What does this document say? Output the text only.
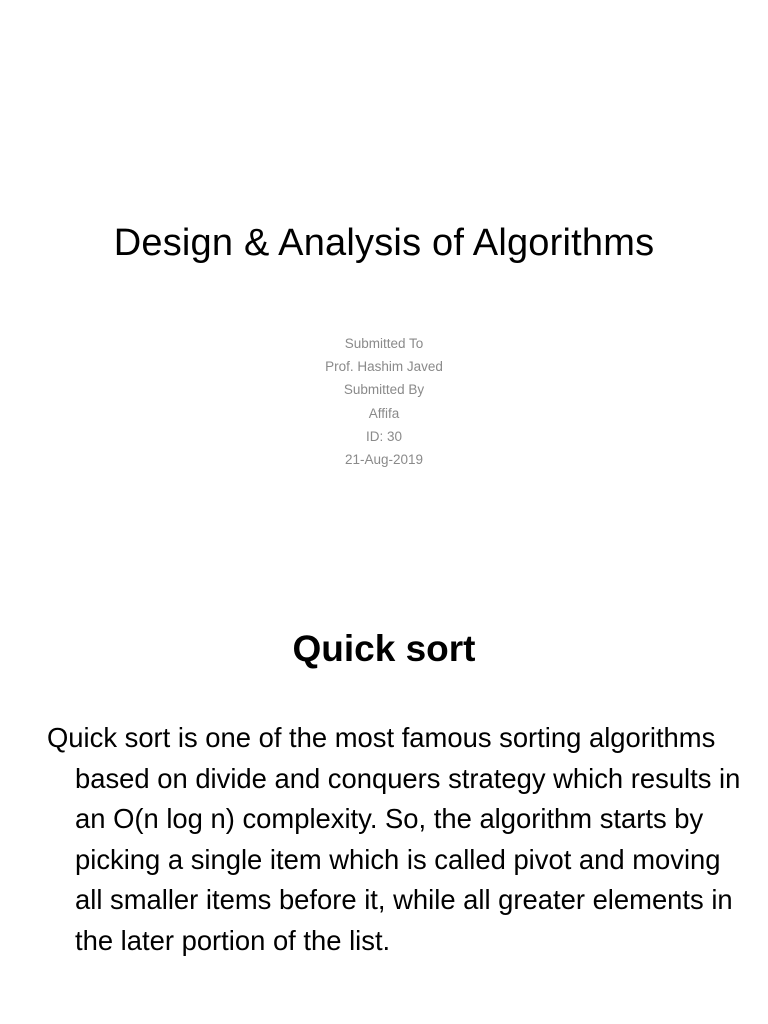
Design & Analysis of Algorithms
Submitted To
Prof. Hashim Javed
Submitted By
Affifa
ID: 30
21-Aug-2019
Quick sort

Quick sort is one of the most famous sorting algorithms based on divide and conquers strategy which results in an O(n log n) complexity. So, the algorithm starts by picking a single item which is called pivot and moving all smaller items before it, while all greater elements in the later portion of the list.
